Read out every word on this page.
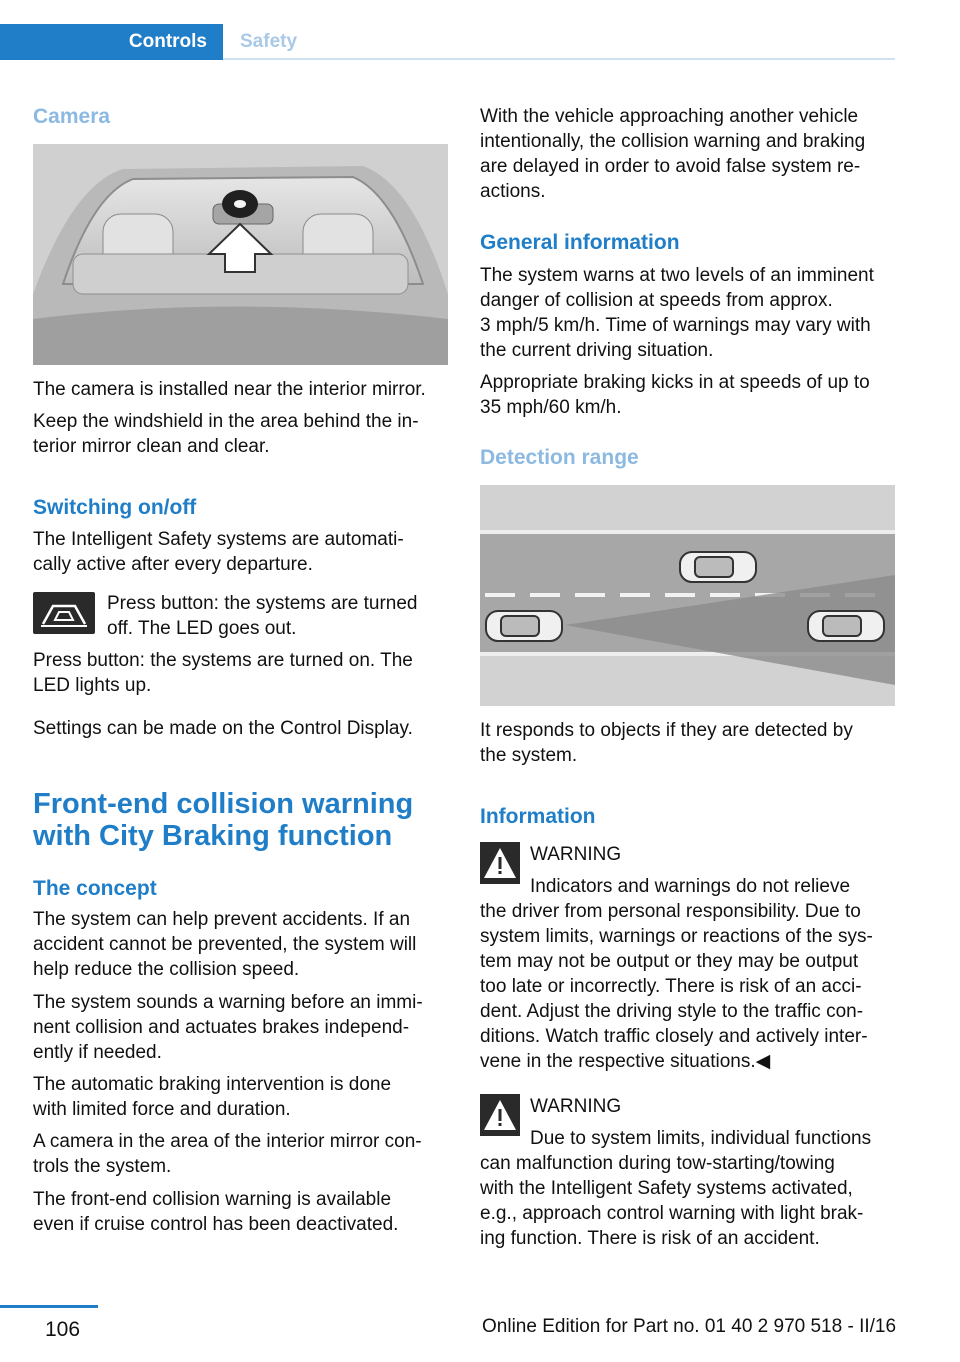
Controls	Safety
Camera

The camera is installed near the interior mirror.

Keep the windshield in the area behind the in‐

terior mirror clean and clear.

Switching on/off

The Intelligent Safety systems are automati‐

cally active after every departure.

Press button: the systems are turned

off. The LED goes out.

Press button: the systems are turned on. The

LED lights up.

Settings can be made on the Control Display.

Front-end collision warning
with City Braking function
The concept

The system can help prevent accidents. If an

accident cannot be prevented, the system will

help reduce the collision speed.

The system sounds a warning before an immi‐

nent collision and actuates brakes independ‐

ently if needed.

The automatic braking intervention is done

with limited force and duration.

A camera in the area of the interior mirror con‐

trols the system.

The front-end collision warning is available

even if cruise control has been deactivated.

With the vehicle approaching another vehicle

intentionally, the collision warning and braking

are delayed in order to avoid false system re‐

actions.

General information

The system warns at two levels of an imminent

danger of collision at speeds from approx.

3 mph/5 km/h. Time of warnings may vary with

the current driving situation.

Appropriate braking kicks in at speeds of up to

35 mph/60 km/h.

Detection range

It responds to objects if they are detected by

the system.

Information

WARNING

Indicators and warnings do not relieve

the driver from personal responsibility. Due to

system limits, warnings or reactions of the sys‐

tem may not be output or they may be output

too late or incorrectly. There is risk of an acci‐

dent. Adjust the driving style to the traffic con‐

ditions. Watch traffic closely and actively inter‐

vene in the respective situations.◀

WARNING

Due to system limits, individual functions

can malfunction during tow-starting/towing

with the Intelligent Safety systems activated,

e.g., approach control warning with light brak‐

ing function. There is risk of an accident.

106	Online Edition for Part no. 01 40 2 970 518 - II/16
